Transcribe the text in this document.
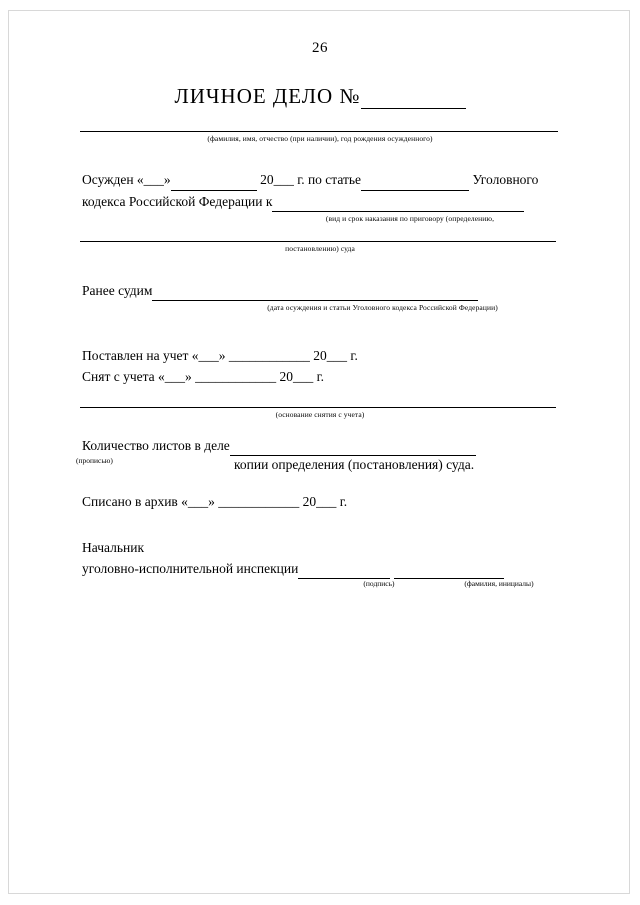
26
ЛИЧНОЕ ДЕЛО №
(фамилия, имя, отчество (при наличии), год рождения осужденного)
Осужден «___»	20___ г. по статье	Уголовного
кодекса Российской Федерации к
(вид и срок наказания по приговору (определению,
постановлению) суда
Ранее судим
(дата осуждения и статьи Уголовного кодекса Российской Федерации)
Поставлен на учет «___» ____________ 20___ г.
Снят с учета «___» ____________ 20___ г.
(основание снятия с учета)
Количество листов в деле
(прописью)	копии определения (постановления) суда.
Списано в архив «___» ____________ 20___ г.
Начальник
уголовно-исполнительной инспекции
(подпись)	(фамилия, инициалы)
